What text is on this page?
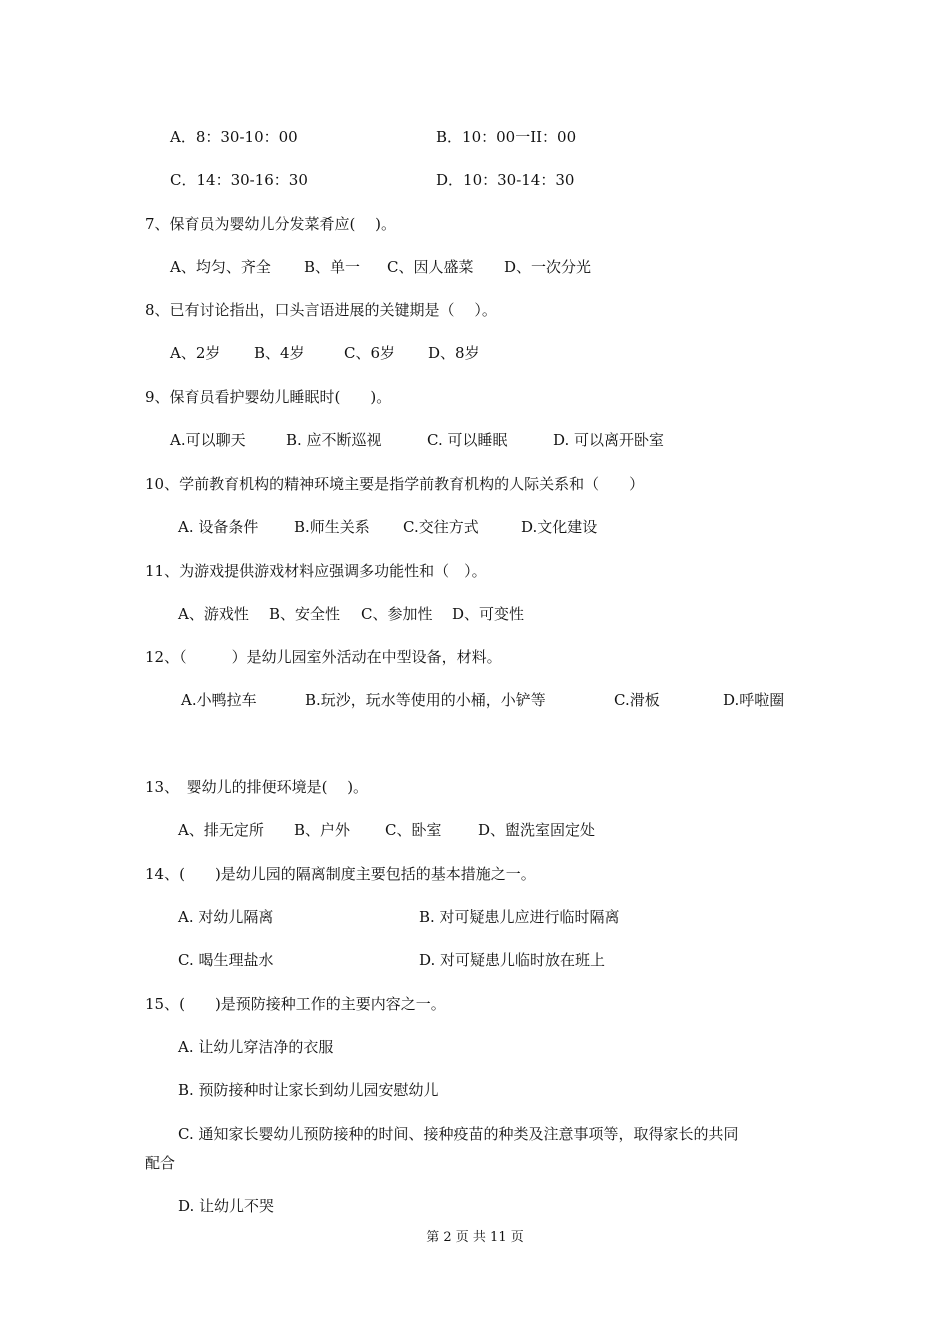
A．8：30-10：00	B．10：00一II：00
C．14：30-16：30	D．10：30-14：30
7、保育员为婴幼儿分发菜肴应(　 )。
A、均匀、齐全 B、单一 C、因人盛菜 D、一次分光
8、已有讨论指出，口头言语进展的关键期是（　 ）。
A、2岁 B、4岁	C、6岁 D、8岁
9、保育员看护婴幼儿睡眠时(　　)。
A.可以聊天	B. 应不断巡视	C. 可以睡眠	D. 可以离开卧室
10、学前教育机构的精神环境主要是指学前教育机构的人际关系和（　　）
A. 设备条件 B.师生关系 C.交往方式	D.文化建设
11、为游戏提供游戏材料应强调多功能性和（　）。
A、游戏性 B、安全性 C、参加性 D、可变性
12、（　　　）是幼儿园室外活动在中型设备，材料。
A.小鸭拉车	B.玩沙，玩水等使用的小桶，小铲等	C.滑板	D.呼啦圈
13、　婴幼儿的排便环境是(　 )。
A、排无定所 B、户外 C、卧室 D、盥洗室固定处
14、(　　)是幼儿园的隔离制度主要包括的基本措施之一。
A. 对幼儿隔离	B. 对可疑患儿应进行临时隔离
C. 喝生理盐水	D. 对可疑患儿临时放在班上
15、(　　)是预防接种工作的主要内容之一。
A. 让幼儿穿洁净的衣服
B. 预防接种时让家长到幼儿园安慰幼儿
C. 通知家长婴幼儿预防接种的时间、接种疫苗的种类及注意事项等，取得家长的共同
配合
D. 让幼儿不哭
第 2 页 共 11 页
